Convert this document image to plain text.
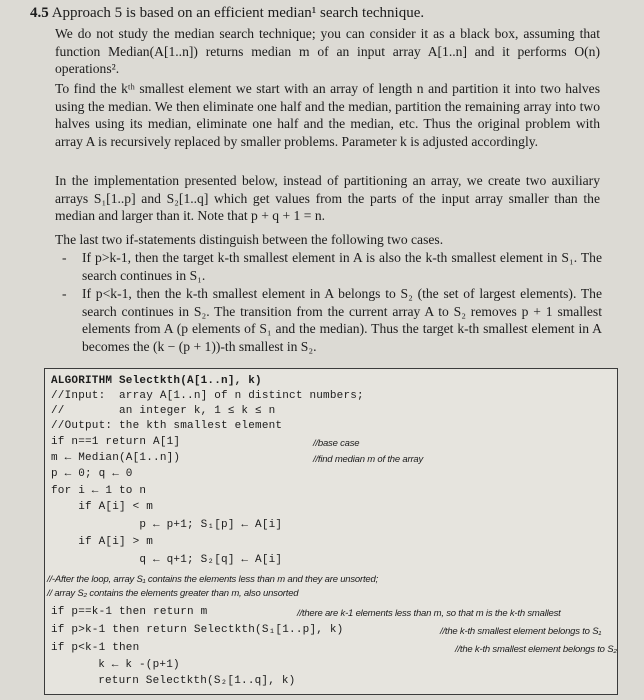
4.5 Approach 5 is based on an efficient median¹ search technique.
We do not study the median search technique; you can consider it as a black box, assuming that function Median(A[1..n]) returns median m of an input array A[1..n] and it performs O(n) operations².
To find the kᵗʰ smallest element we start with an array of length n and partition it into two halves using the median. We then eliminate one half and the median, partition the remaining array into two halves using its median, eliminate one half and the median, etc. Thus the original problem with array A is recursively replaced by smaller problems. Parameter k is adjusted accordingly.
In the implementation presented below, instead of partitioning an array, we create two auxiliary arrays S₁[1..p] and S₂[1..q] which get values from the parts of the input array smaller than the median and larger than it. Note that p + q + 1 = n.
The last two if-statements distinguish between the following two cases.
-	If p>k-1, then the target k-th smallest element in A is also the k-th smallest element in S₁. The search continues in S₁.
-	If p<k-1, then the k-th smallest element in A belongs to S₂ (the set of largest elements). The search continues in S₂. The transition from the current array A to S₂ removes p + 1 smallest elements from A (p elements of S₁ and the median). Thus the target k-th smallest element in A becomes the (k − (p + 1))-th smallest in S₂.
ALGORITHM Selectkth(A[1..n], k)
//Input:  array A[1..n] of n distinct numbers;
//        an integer k, 1 ≤ k ≤ n
//Output: the kth smallest element
if n==1 return A[1]	//base case
m ← Median(A[1..n])	//find median m of the array
p ← 0; q ← 0
for i ← 1 to n
if A[i] < m
p ← p+1; S₁[p] ← A[i]
if A[i] > m
q ← q+1; S₂[q] ← A[i]
//-After the loop, array S₁ contains the elements less than m and they are unsorted;
// array S₂ contains the elements greater than m, also unsorted
if p==k-1 then return m	//there are k-1 elements less than m, so that m is the k-th smallest
if p>k-1 then return Selectkth(S₁[1..p], k)	//the k-th smallest element belongs to S₁
if p<k-1 then	//the k-th smallest element belongs to S₂
k ← k -(p+1)
return Selectkth(S₂[1..q], k)
